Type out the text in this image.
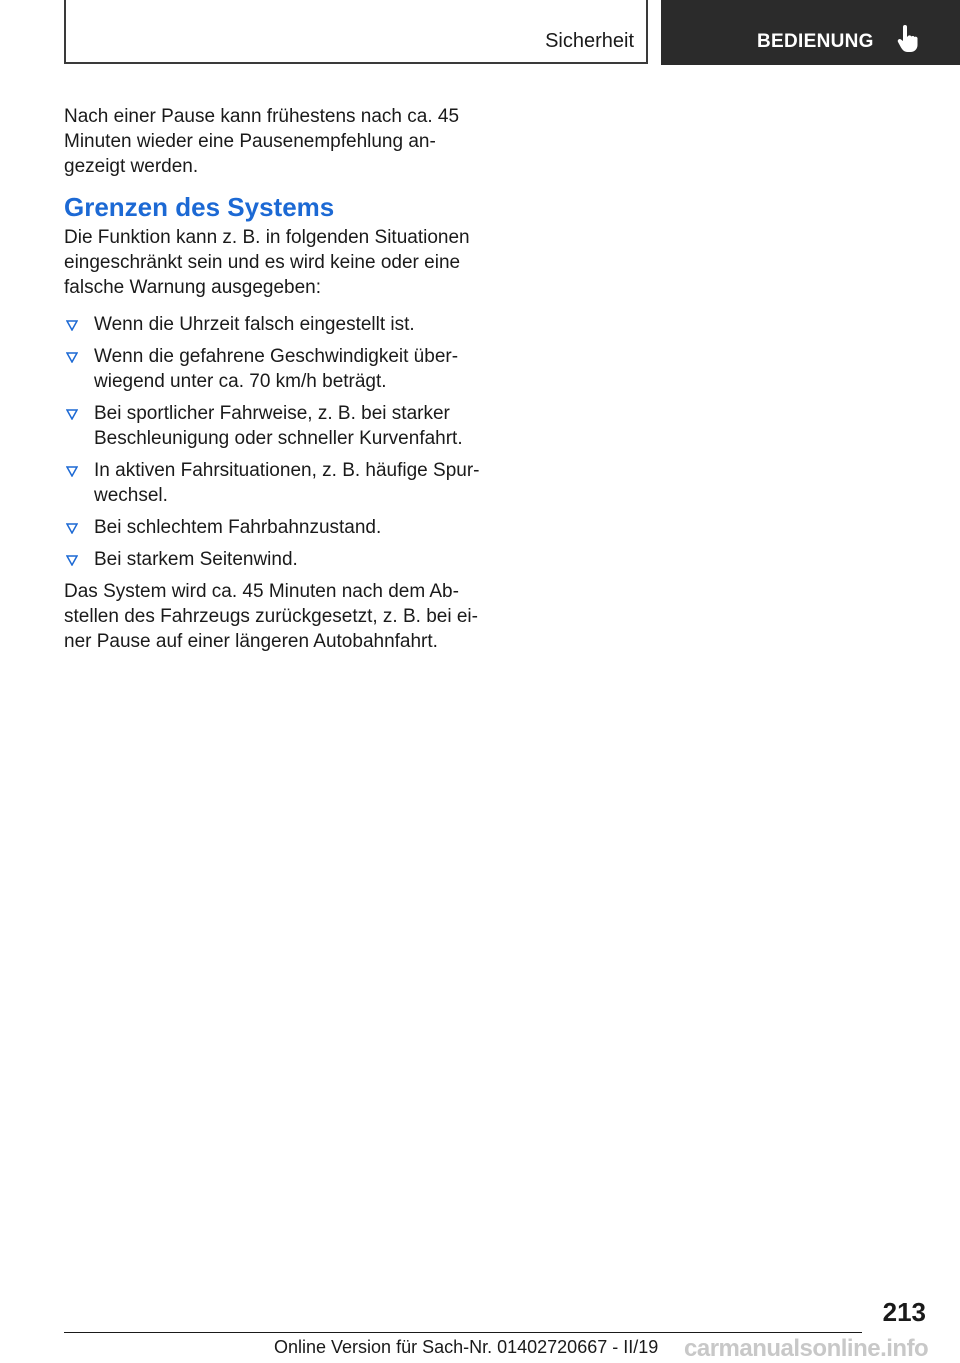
Sicherheit	BEDIENUNG

Nach einer Pause kann frühestens nach ca. 45 Minuten wieder eine Pausenempfehlung angezeigt werden.

Grenzen des Systems

Die Funktion kann z. B. in folgenden Situationen eingeschränkt sein und es wird keine oder eine falsche Warnung ausgegeben:

Wenn die Uhrzeit falsch eingestellt ist.
Wenn die gefahrene Geschwindigkeit überwiegend unter ca. 70 km/h beträgt.
Bei sportlicher Fahrweise, z. B. bei starker Beschleunigung oder schneller Kurvenfahrt.
In aktiven Fahrsituationen, z. B. häufige Spurwechsel.
Bei schlechtem Fahrbahnzustand.
Bei starkem Seitenwind.

Das System wird ca. 45 Minuten nach dem Abstellen des Fahrzeugs zurückgesetzt, z. B. bei einer Pause auf einer längeren Autobahnfahrt.

213
Online Version für Sach-Nr. 01402720667 - II/19 carmanualsonline.info
